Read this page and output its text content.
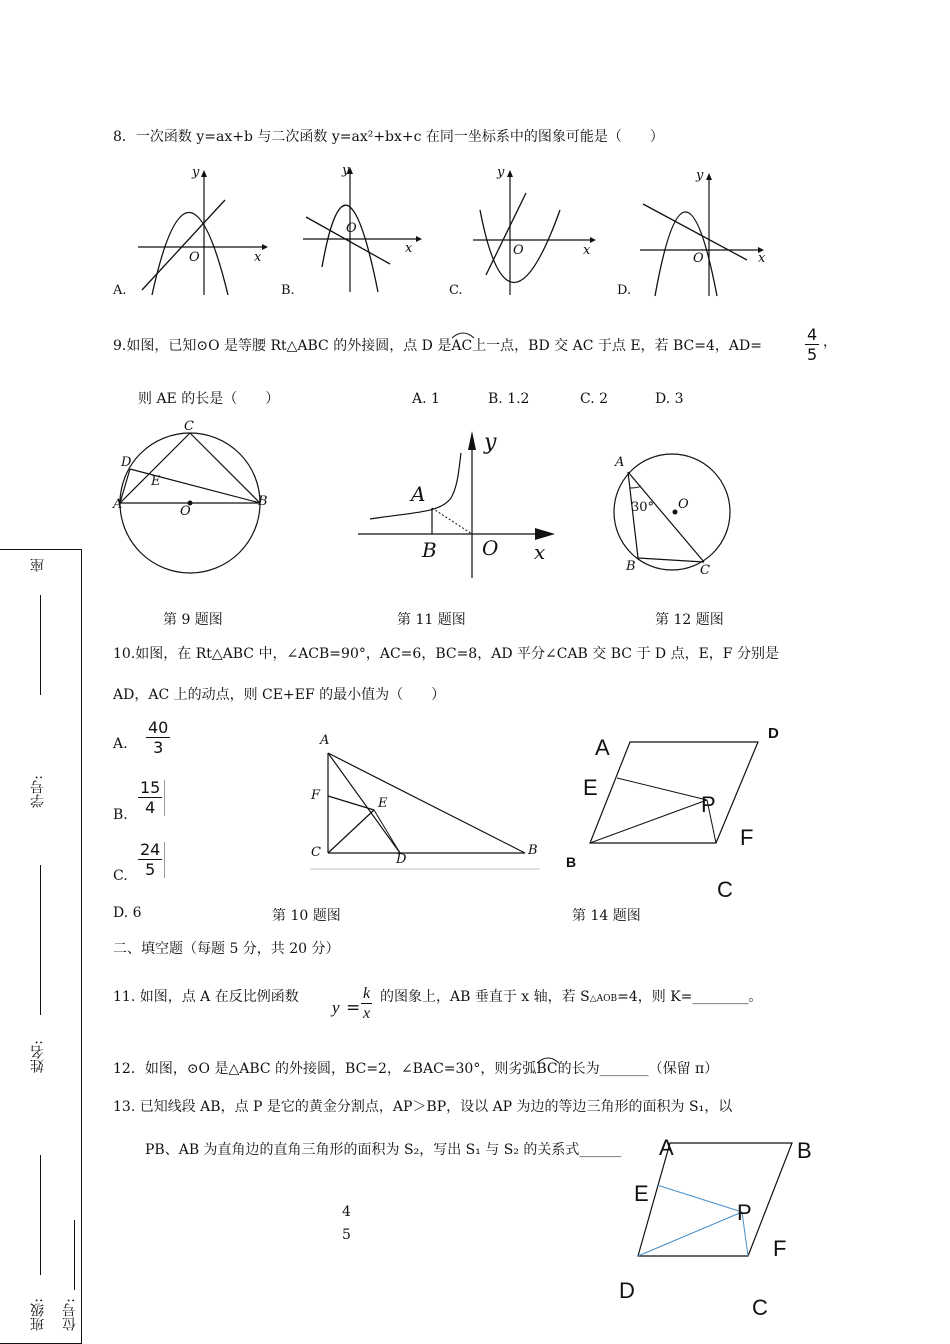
8．一次函数 y=ax+b 与二次函数 y=ax²+bx+c 在同一坐标系中的图象可能是（　　）
y
x
O
A.
y
x
O
B.
y
x
O
C.
y
x
O
D.
9.如图，已知⊙O 是等腰 Rt△ABC 的外接圆，点 D 是
AC上一点，BD 交 AC 于点 E，若 BC=4，AD=	$\frac{4}{5}$ ，
则 AE 的长是（　　）	A. 1	B. 1.2	C. 2	D. 3
C
D
E
A	O
B
y
A
B O x
A
30° O
B	C
第 9 题图	第 11 题图	第 12 题图
10.如图，在 Rt△ABC 中，∠ACB=90°，AC=6，BC=8，AD 平分∠CAB 交 BC 于 D 点，E，F 分别是
AD，AC 上的动点，则 CE+EF 的最小值为（　　）
A. $\frac{40}{3}$
B. $\frac{15}{4}$
C. $\frac{24}{5}$
D. 6
A
F
E
C	D
B
A
D
E
P
F
B
C
第 10 题图	第 14 题图
二、填空题（每题 5 分，共 20 分）
11. 如图，点 A 在反比例函数
$y = \frac{k}{x}$ 的图象上，AB 垂直于 x 轴，若 S△AOB=4，则 K=________。
12．如图，⊙O 是△ABC 的外接圆，BC=2，∠BAC=30°，则劣弧
BC的长为_______（保留 π）
13. 已知线段 AB，点 P 是它的黄金分割点，AP＞BP，设以 AP 为边的等边三角形的面积为 S₁，以
PB、AB 为直角边的直角三角形的面积为 S₂，写出 S₁ 与 S₂ 的关系式______ A	B
E
P
F
D
C
4
5
座
学号:
姓名:
班级: 位号:
